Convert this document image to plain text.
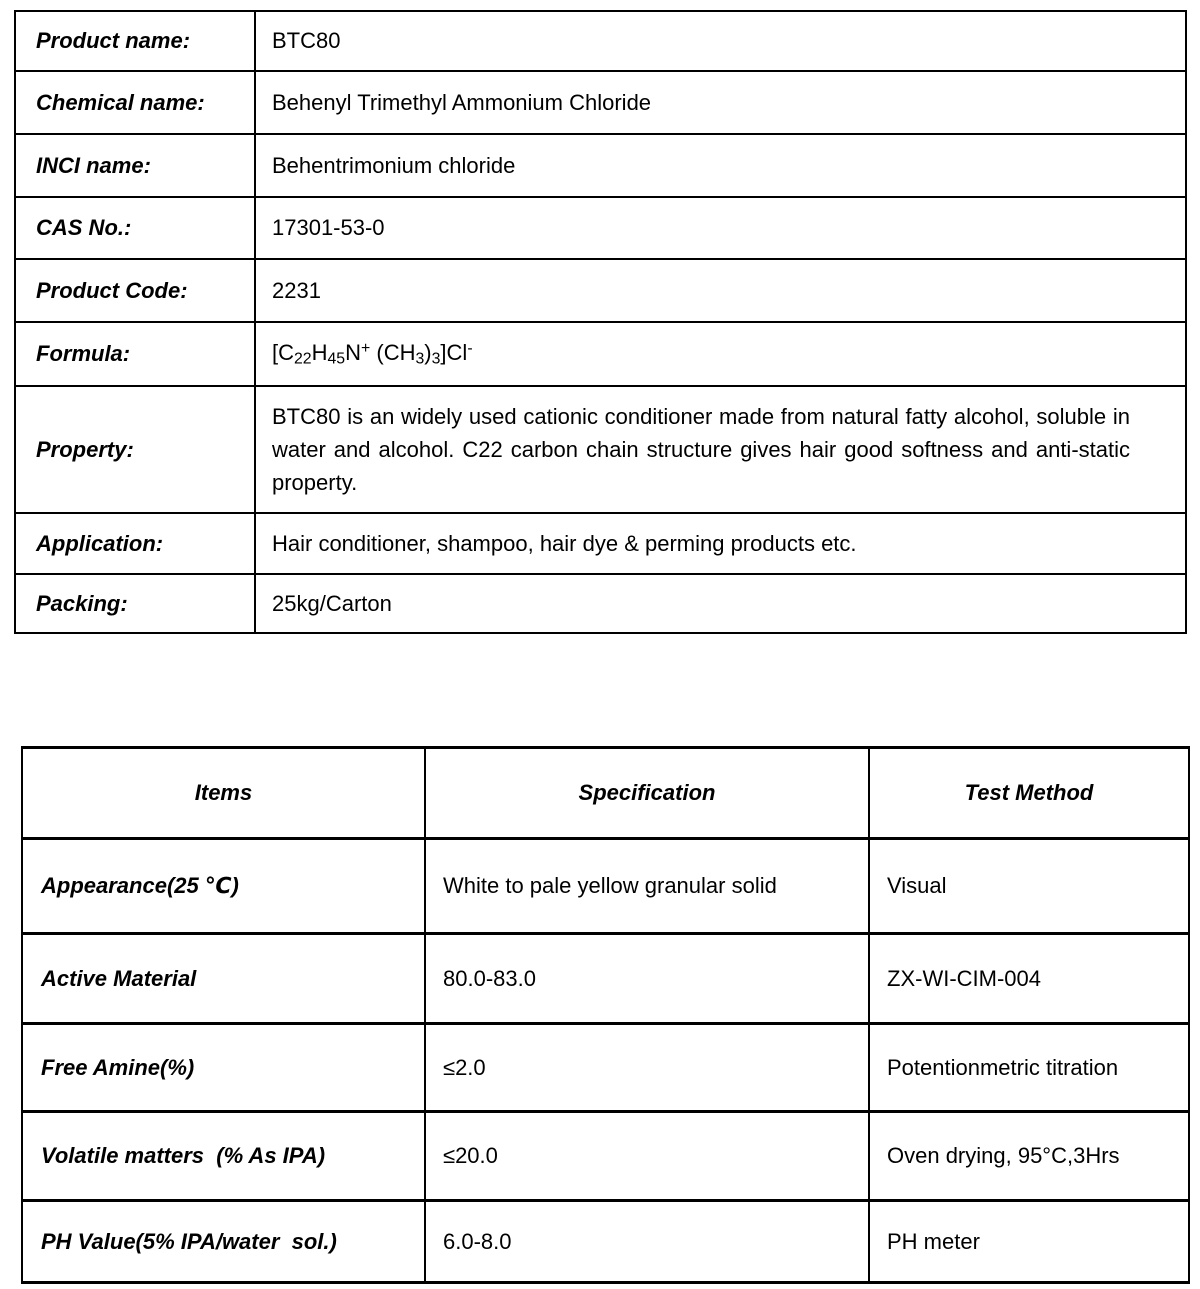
Product name:	BTC80
Chemical name:	Behenyl Trimethyl Ammonium Chloride
INCI name:	Behentrimonium chloride
CAS No.:	17301-53-0
Product Code:	2231
Formula:	[$C_{22}H_{45}N^+$ $(CH_3)_3]Cl^-$
Property:	BTC80 is an widely used cationic conditioner made from natural fatty alcohol, soluble in water and alcohol. C22 carbon chain structure gives hair good softness and anti-static property.
Application:	Hair conditioner, shampoo, hair dye & perming products etc.
Packing:	25kg/Carton
Items	Specification	Test Method
Appearance(25 ℃)	White to pale yellow granular solid	Visual
Active Material	80.0-83.0	ZX-WI-CIM-004
Free Amine(%)	≤2.0	Potentionmetric titration
Volatile matters  (% As IPA)	≤20.0	Oven drying, 95°C,3Hrs
PH Value(5% IPA/water  sol.)	6.0-8.0	PH meter
